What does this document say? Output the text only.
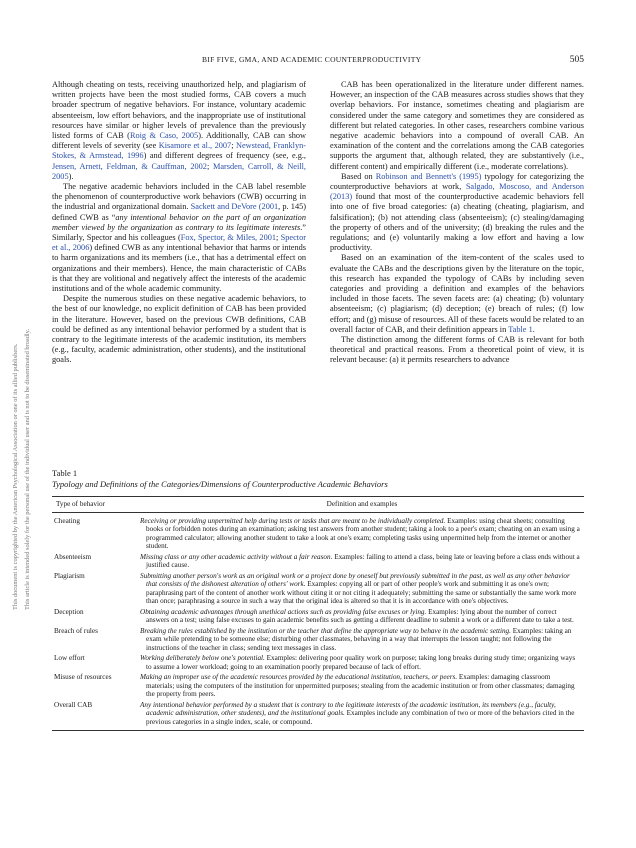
This document is copyrighted by the American Psychological Association or one of its allied publishers. This article is intended solely for the personal use of the individual user and is not to be disseminated broadly.
BIF FIVE, GMA, AND ACADEMIC COUNTERPRODUCTIVITY	505

Although cheating on tests, receiving unauthorized help, and plagiarism of written projects have been the most studied forms, CAB covers a much broader spectrum of negative behaviors. For instance, voluntary academic absenteeism, low effort behaviors, and the inappropriate use of institutional resources have similar or higher levels of prevalence than the previously listed forms of CAB (Roig & Caso, 2005). Additionally, CAB can show different levels of severity (see Kisamore et al., 2007; Newstead, Franklyn-Stokes, & Armstead, 1996) and different degrees of frequency (see, e.g., Jensen, Arnett, Feldman, & Cauffman, 2002; Marsden, Carroll, & Neill, 2005).

The negative academic behaviors included in the CAB label resemble the phenomenon of counterproductive work behaviors (CWB) occurring in the industrial and organizational domain. Sackett and DeVore (2001, p. 145) defined CWB as “any intentional behavior on the part of an organization member viewed by the organization as contrary to its legitimate interests.” Similarly, Spector and his colleagues (Fox, Spector, & Miles, 2001; Spector et al., 2006) defined CWB as any intentional behavior that harms or intends to harm organizations and its members (i.e., that has a detrimental effect on organizations and their members). Hence, the main characteristic of CABs is that they are volitional and negatively affect the interests of the academic institutions and of the whole academic community.

Despite the numerous studies on these negative academic behaviors, to the best of our knowledge, no explicit definition of CAB has been provided in the literature. However, based on the previous CWB definitions, CAB could be defined as any intentional behavior performed by a student that is contrary to the legitimate interests of the academic institution, its members (e.g., faculty, academic administration, other students), and the institutional goals.

CAB has been operationalized in the literature under different names. However, an inspection of the CAB measures across studies shows that they overlap behaviors. For instance, sometimes cheating and plagiarism are considered under the same category and sometimes they are considered as different but related categories. In other cases, researchers combine various negative academic behaviors into a compound of overall CAB. An examination of the content and the correlations among the CAB categories supports the argument that, although related, they are substantively (i.e., different content) and empirically different (i.e., moderate correlations).

Based on Robinson and Bennett's (1995) typology for categorizing the counterproductive behaviors at work, Salgado, Moscoso, and Anderson (2013) found that most of the counterproductive academic behaviors fell into one of five broad categories: (a) cheating (cheating, plagiarism, and falsification); (b) not attending class (absenteeism); (c) stealing/damaging the property of others and of the university; (d) breaking the rules and the regulations; and (e) voluntarily making a low effort and having a low productivity.

Based on an examination of the item-content of the scales used to evaluate the CABs and the descriptions given by the literature on the topic, this research has expanded the typology of CABs by including seven categories and providing a definition and examples of the behaviors included in those facets. The seven facets are: (a) cheating; (b) voluntary absenteeism; (c) plagiarism; (d) deception; (e) breach of rules; (f) low effort; and (g) misuse of resources. All of these facets would be related to an overall factor of CAB, and their definition appears in Table 1.

The distinction among the different forms of CAB is relevant for both theoretical and practical reasons. From a theoretical point of view, it is relevant because: (a) it permits researchers to advance

Table 1
Typology and Definitions of the Categories/Dimensions of Counterproductive Academic Behaviors
Type of behavior	Definition and examples
Cheating	Receiving or providing unpermitted help during tests or tasks that are meant to be individually completed. Examples: using cheat sheets; consulting books or forbidden notes during an examination; asking test answers from another student; taking a look to a peer's exam; cheating on an exam using a programmed calculator; allowing another student to take a look at one's exam; completing tasks using unpermitted help from the internet or another student.
Absenteeism	Missing class or any other academic activity without a fair reason. Examples: failing to attend a class, being late or leaving before a class ends without a justified cause.
Plagiarism	Submitting another person's work as an original work or a project done by oneself but previously submitted in the past, as well as any other behavior that consists of the dishonest alteration of others' work. Examples: copying all or part of other people's work and submitting it as one's own; paraphrasing part of the content of another work without citing it or not citing it adequately; submitting the same or substantially the same work more than once; paraphrasing a source in such a way that the original idea is altered so that it is in accordance with one's objectives.
Deception	Obtaining academic advantages through unethical actions such as providing false excuses or lying. Examples: lying about the number of correct answers on a test; using false excuses to gain academic benefits such as getting a different deadline to submit a work or a different date to take a test.
Breach of rules	Breaking the rules established by the institution or the teacher that define the appropriate way to behave in the academic setting. Examples: taking an exam while pretending to be someone else; disturbing other classmates, behaving in a way that interrupts the lesson taught; not following the instructions of the teacher in class; sending text messages in class.
Low effort	Working deliberately below one's potential. Examples: delivering poor quality work on purpose; taking long breaks during study time; organizing ways to assume a lower workload; going to an examination poorly prepared because of lack of effort.
Misuse of resources	Making an improper use of the academic resources provided by the educational institution, teachers, or peers. Examples: damaging classroom materials; using the computers of the institution for unpermitted purposes; stealing from the academic institution or from other classmates; damaging the property from peers.
Overall CAB	Any intentional behavior performed by a student that is contrary to the legitimate interests of the academic institution, its members (e.g., faculty, academic administration, other students), and the institutional goals. Examples include any combination of two or more of the behaviors cited in the previous categories in a single index, scale, or compound.
